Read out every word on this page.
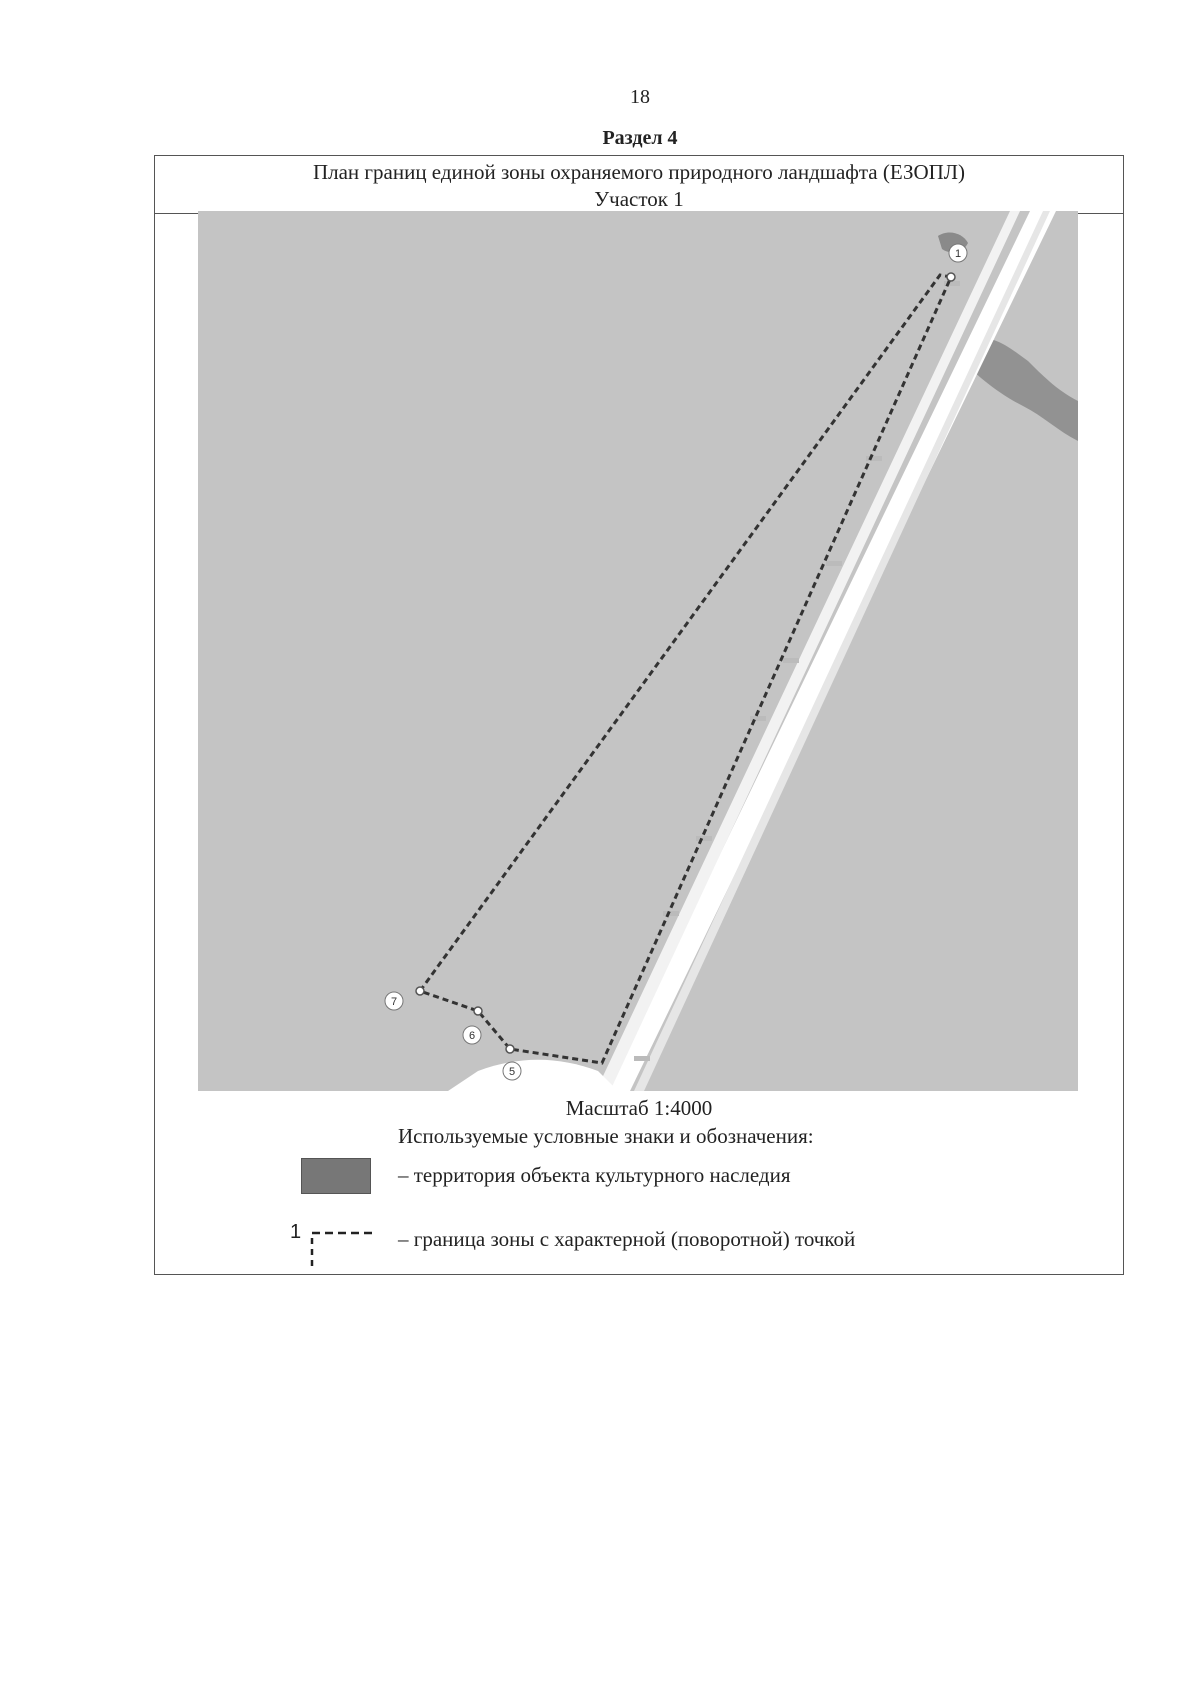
18
Раздел 4
План границ единой зоны охраняемого природного ландшафта (ЕЗОПЛ)
Участок 1
1
7
6
5
Масштаб 1:4000
Используемые условные знаки и обозначения:
– территория объекта культурного наследия
1	– граница зоны с характерной (поворотной) точкой
